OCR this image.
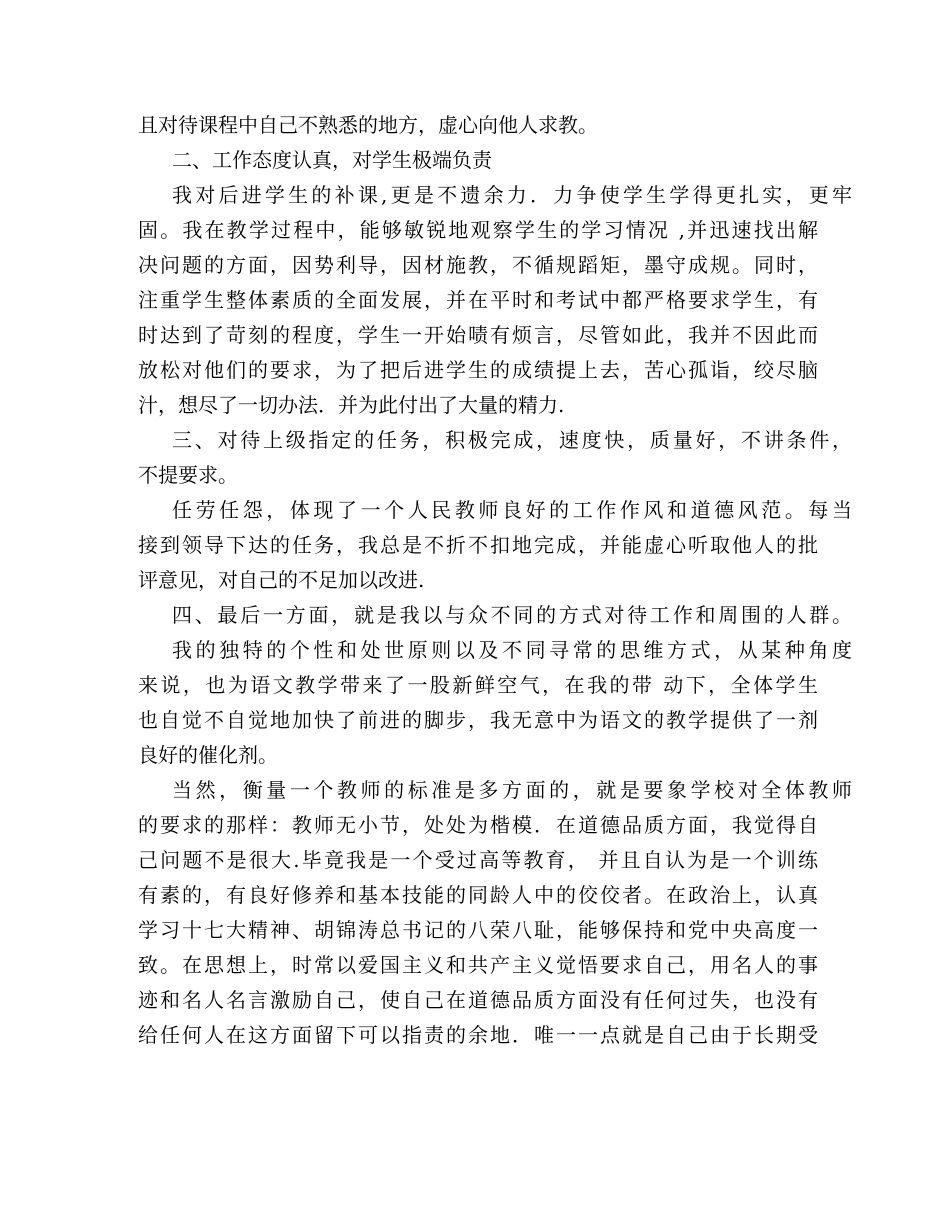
且对待课程中自己不熟悉的地方，虚心向他人求教。
二、工作态度认真，对学生极端负责
我对后进学生的补课,更是不遗余力．力争使学生学得更扎实，更牢
固。我在教学过程中，能够敏锐地观察学生的学习情况 ,并迅速找出解
决问题的方面，因势利导，因材施教，不循规蹈矩，墨守成规。同时，
注重学生整体素质的全面发展，并在平时和考试中都严格要求学生，有
时达到了苛刻的程度，学生一开始啧有烦言，尽管如此，我并不因此而
放松对他们的要求，为了把后进学生的成绩提上去，苦心孤诣，绞尽脑
汁，想尽了一切办法．并为此付出了大量的精力.
三、对待上级指定的任务，积极完成，速度快，质量好，不讲条件，
不提要求。
任劳任怨，体现了一个人民教师良好的工作作风和道德风范。每当
接到领导下达的任务，我总是不折不扣地完成，并能虚心听取他人的批
评意见，对自己的不足加以改进.
四、最后一方面，就是我以与众不同的方式对待工作和周围的人群。
我的独特的个性和处世原则以及不同寻常的思维方式，从某种角度
来说，也为语文教学带来了一股新鲜空气，在我的带 动下，全体学生
也自觉不自觉地加快了前进的脚步，我无意中为语文的教学提供了一剂
良好的催化剂。
当然，衡量一个教师的标准是多方面的，就是要象学校对全体教师
的要求的那样：教师无小节，处处为楷模．在道德品质方面，我觉得自
己问题不是很大.毕竟我是一个受过高等教育， 并且自认为是一个训练
有素的，有良好修养和基本技能的同龄人中的佼佼者。在政治上，认真
学习十七大精神、胡锦涛总书记的八荣八耻，能够保持和党中央高度一
致。在思想上，时常以爱国主义和共产主义觉悟要求自己，用名人的事
迹和名人名言激励自己，使自己在道德品质方面没有任何过失，也没有
给任何人在这方面留下可以指责的余地．唯一一点就是自己由于长期受
